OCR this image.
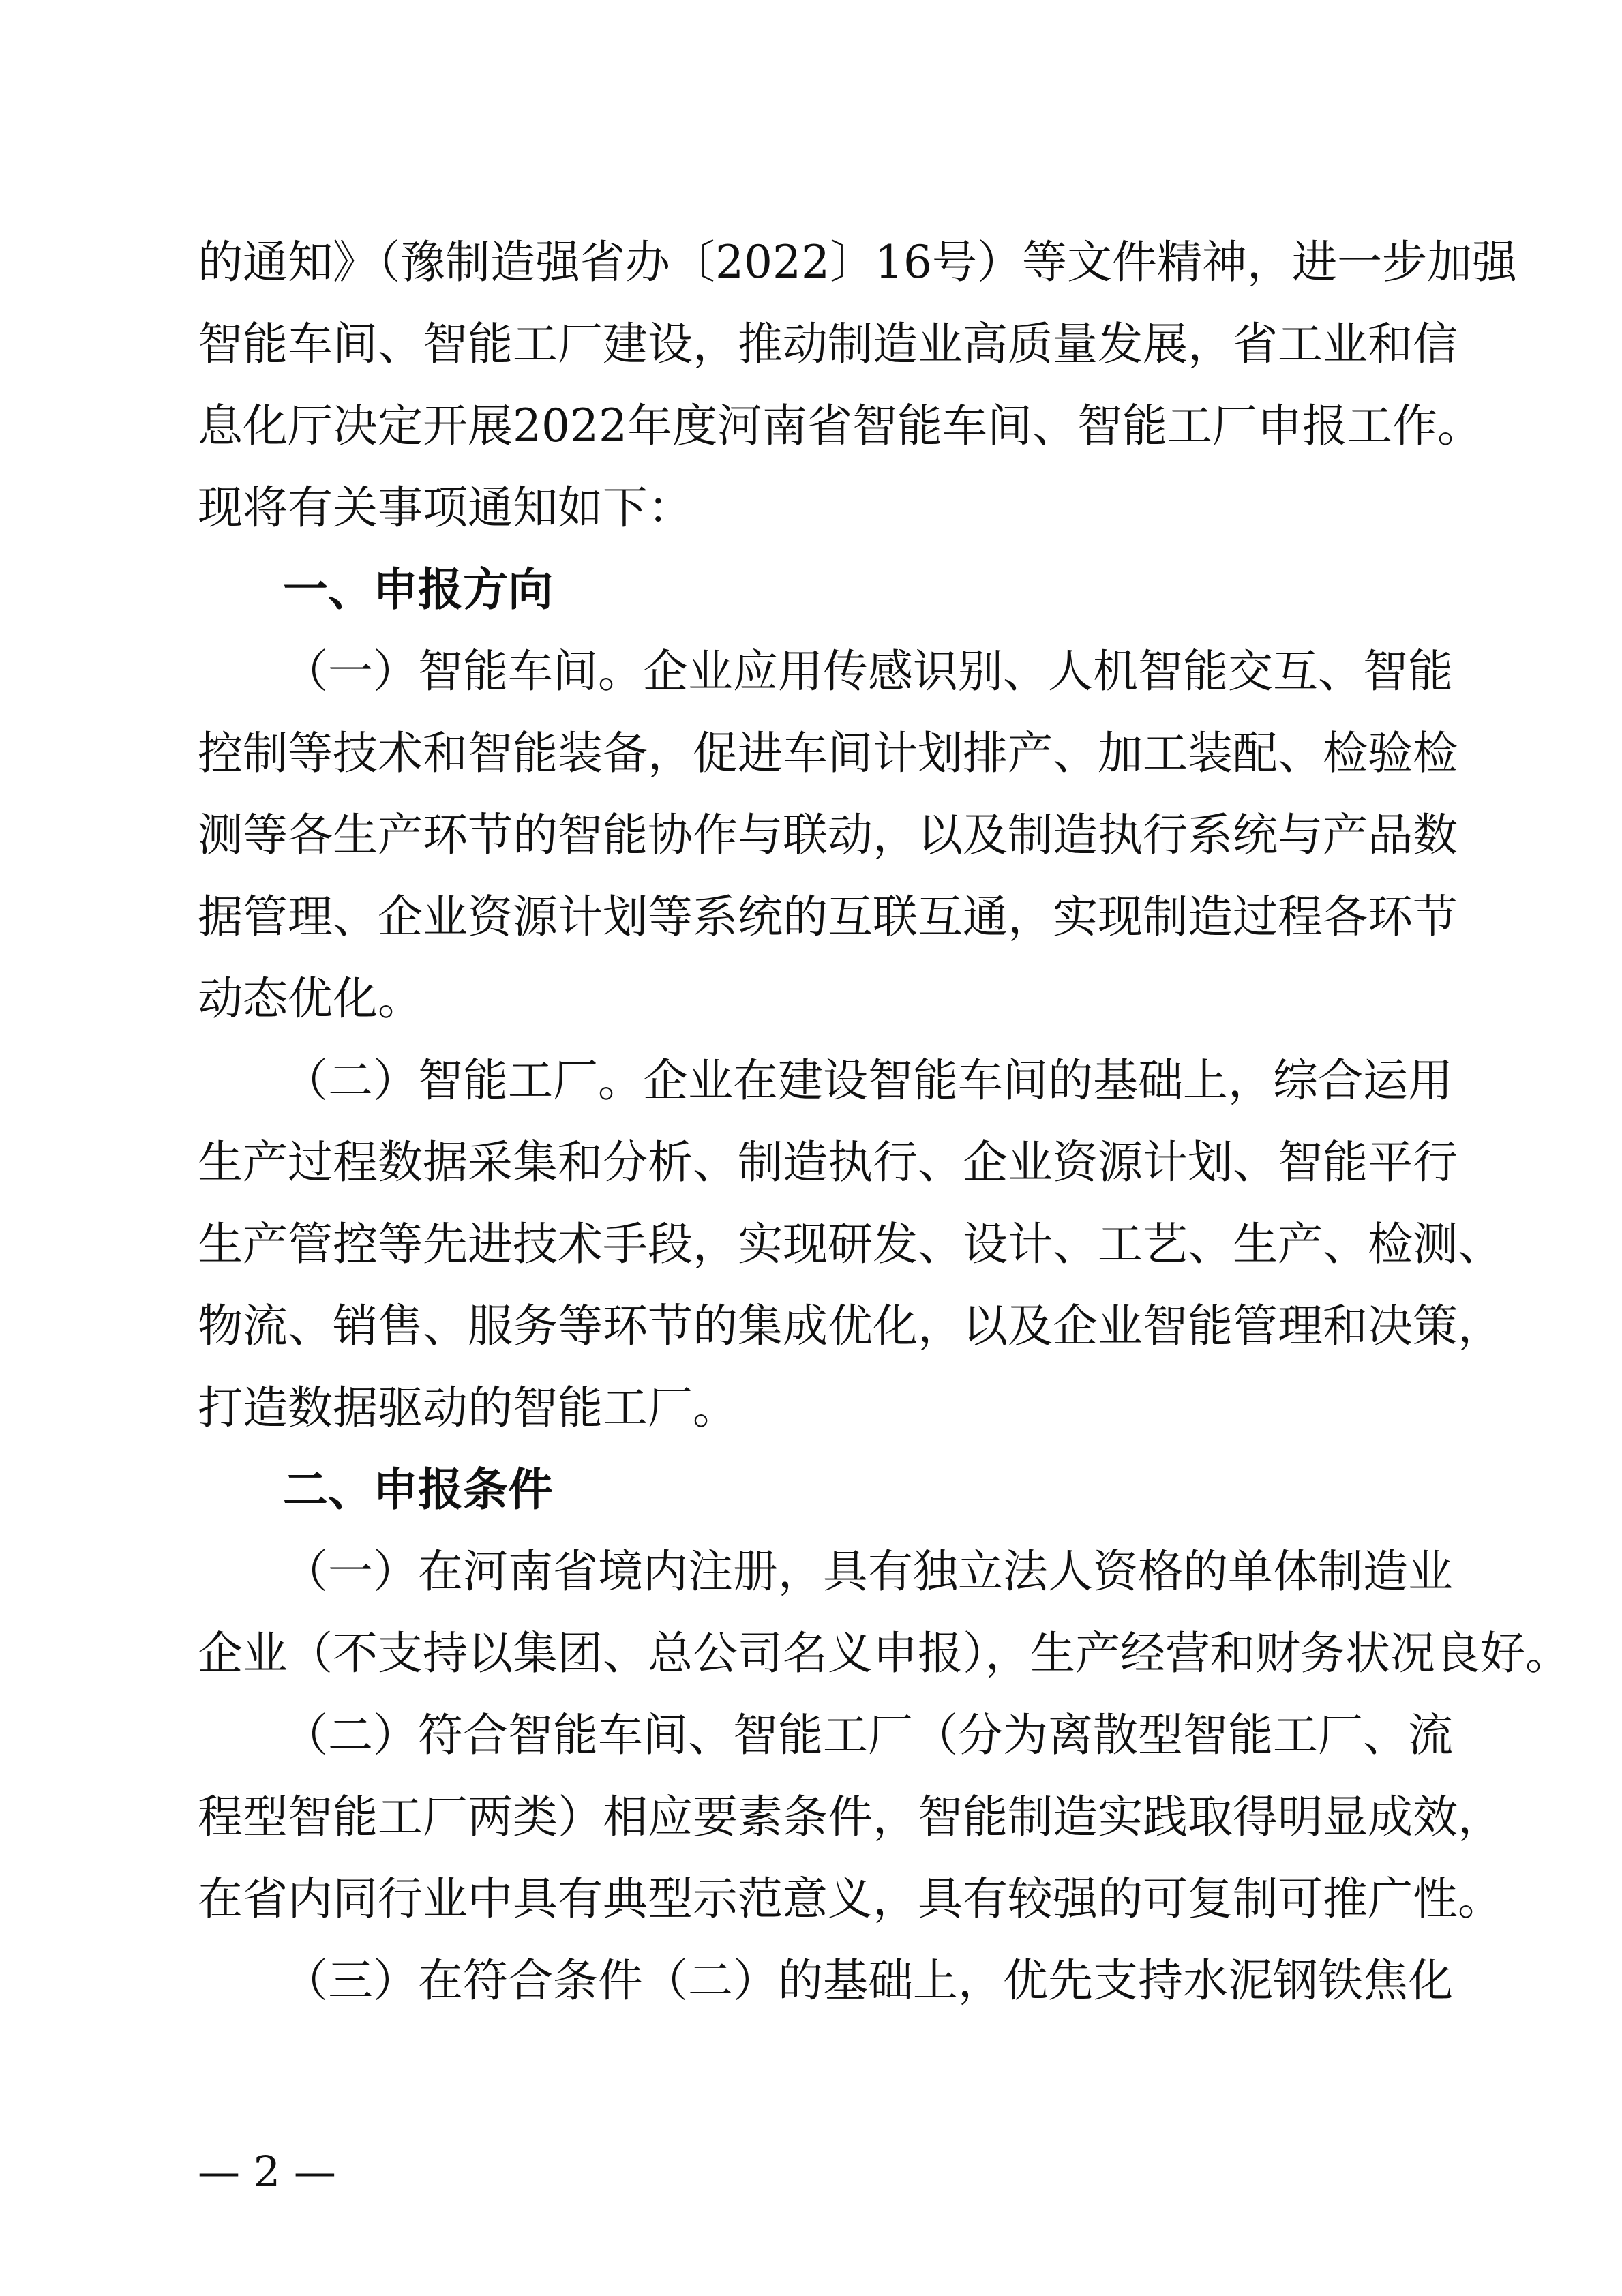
的通知》（豫制造强省办〔2022〕16号）等文件精神，进一步加强
智能车间、智能工厂建设，推动制造业高质量发展，省工业和信
息化厅决定开展2022年度河南省智能车间、智能工厂申报工作。
现将有关事项通知如下：
一、申报方向
（一）智能车间。企业应用传感识别、人机智能交互、智能
控制等技术和智能装备，促进车间计划排产、加工装配、检验检
测等各生产环节的智能协作与联动，以及制造执行系统与产品数
据管理、企业资源计划等系统的互联互通，实现制造过程各环节
动态优化。
（二）智能工厂。企业在建设智能车间的基础上，综合运用
生产过程数据采集和分析、制造执行、企业资源计划、智能平行
生产管控等先进技术手段，实现研发、设计、工艺、生产、检测、
物流、销售、服务等环节的集成优化，以及企业智能管理和决策，
打造数据驱动的智能工厂。
二、申报条件
（一）在河南省境内注册，具有独立法人资格的单体制造业
企业（不支持以集团、总公司名义申报），生产经营和财务状况良好。
（二）符合智能车间、智能工厂（分为离散型智能工厂、流
程型智能工厂两类）相应要素条件，智能制造实践取得明显成效，
在省内同行业中具有典型示范意义，具有较强的可复制可推广性。
（三）在符合条件（二）的基础上，优先支持水泥钢铁焦化
— 2 —
